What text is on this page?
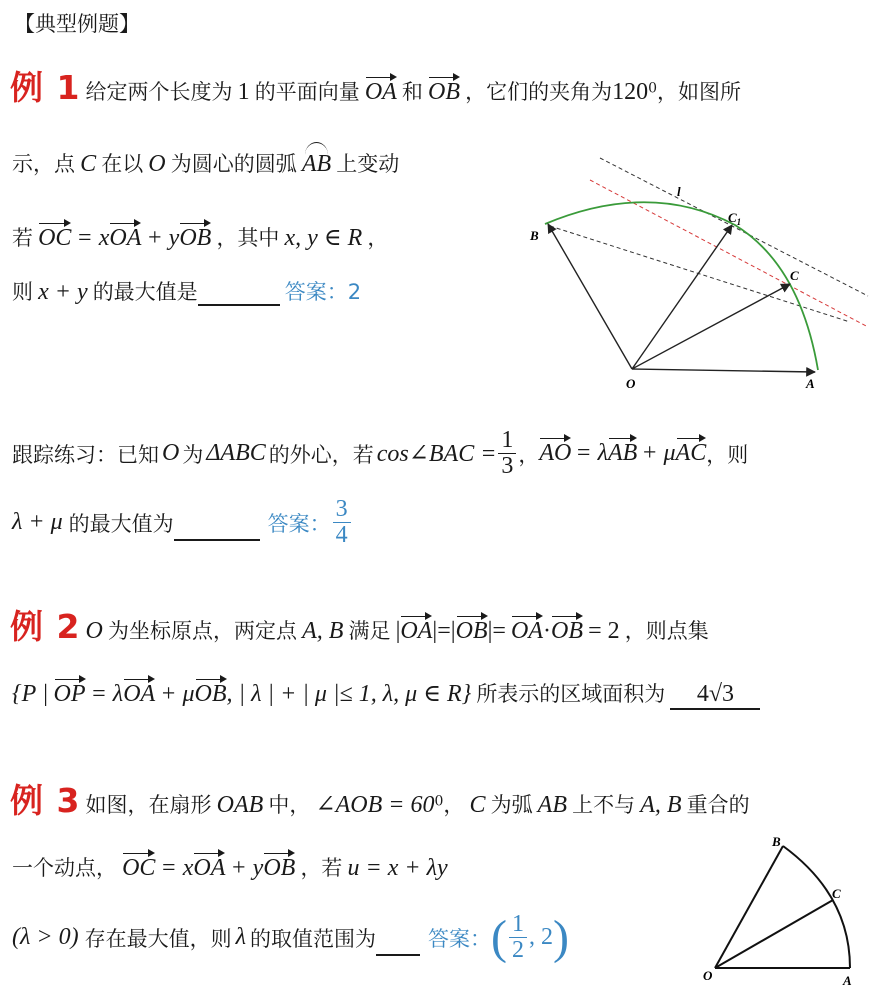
【典型例题】
例 1 给定两个长度为 1 的平面向量 OA 和 OB ，它们的夹角为1200，如图所
示，点 C 在以 O 为圆心的圆弧 AB 上变动
若 OC = xOA + yOB ，其中 x, y ∈ R ，
则 x + y 的最大值是	答案：2
B
$C_1$
C
l
O	A
跟踪练习：已知 O 为 ΔABC 的外心，若 cos∠BAC = $\frac{1}{3}$ ， AO = λ AB + μ AC ，则
λ + μ 的最大值为	答案： $\frac{3}{4}$
例 2 O 为坐标原点，两定点 A, B 满足 |OA|=|OB|= OA·OB = 2 ，则点集
{P | OP = λOA + μOB, | λ | + | μ |≤ 1, λ, μ ∈ R} 所表示的区域面积为 4√3
例 3 如图，在扇形 OAB 中， ∠AOB = 600， C 为弧 AB 上不与 A, B 重合的
一个动点， OC = xOA + yOB ，若 u = x + λy
(λ > 0) 存在最大值，则 λ 的取值范围为 答案： ( $\frac{1}{2}$ , 2 )
B
C
O	A
